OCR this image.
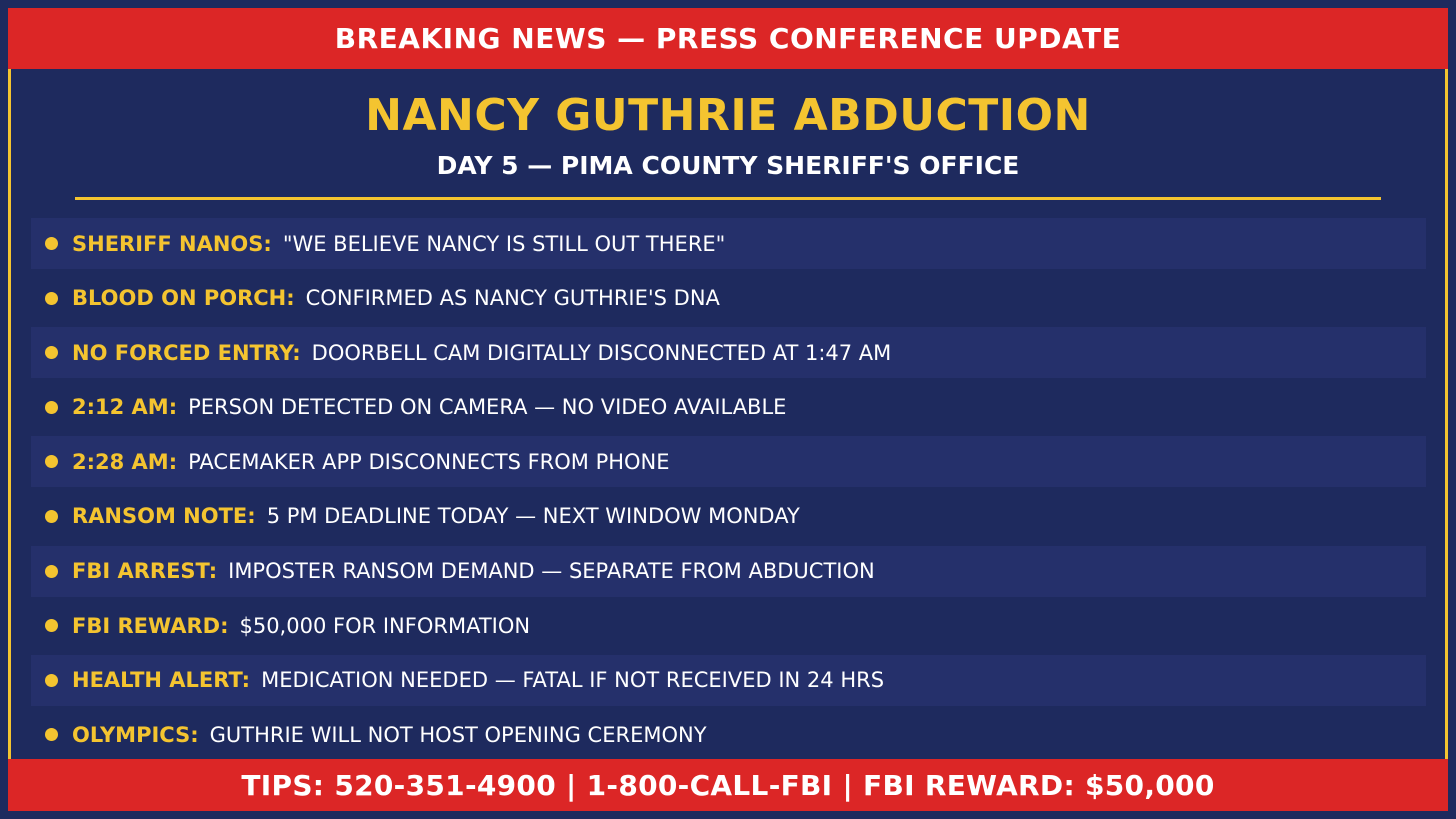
BREAKING NEWS — PRESS CONFERENCE UPDATE
NANCY GUTHRIE ABDUCTION
DAY 5 — PIMA COUNTY SHERIFF'S OFFICE
SHERIFF NANOS: "WE BELIEVE NANCY IS STILL OUT THERE"
BLOOD ON PORCH: CONFIRMED AS NANCY GUTHRIE'S DNA
NO FORCED ENTRY: DOORBELL CAM DIGITALLY DISCONNECTED AT 1:47 AM
2:12 AM: PERSON DETECTED ON CAMERA — NO VIDEO AVAILABLE
2:28 AM: PACEMAKER APP DISCONNECTS FROM PHONE
RANSOM NOTE: 5 PM DEADLINE TODAY — NEXT WINDOW MONDAY
FBI ARREST: IMPOSTER RANSOM DEMAND — SEPARATE FROM ABDUCTION
FBI REWARD: $50,000 FOR INFORMATION
HEALTH ALERT: MEDICATION NEEDED — FATAL IF NOT RECEIVED IN 24 HRS
OLYMPICS: GUTHRIE WILL NOT HOST OPENING CEREMONY
TIPS: 520-351-4900 | 1-800-CALL-FBI | FBI REWARD: $50,000
